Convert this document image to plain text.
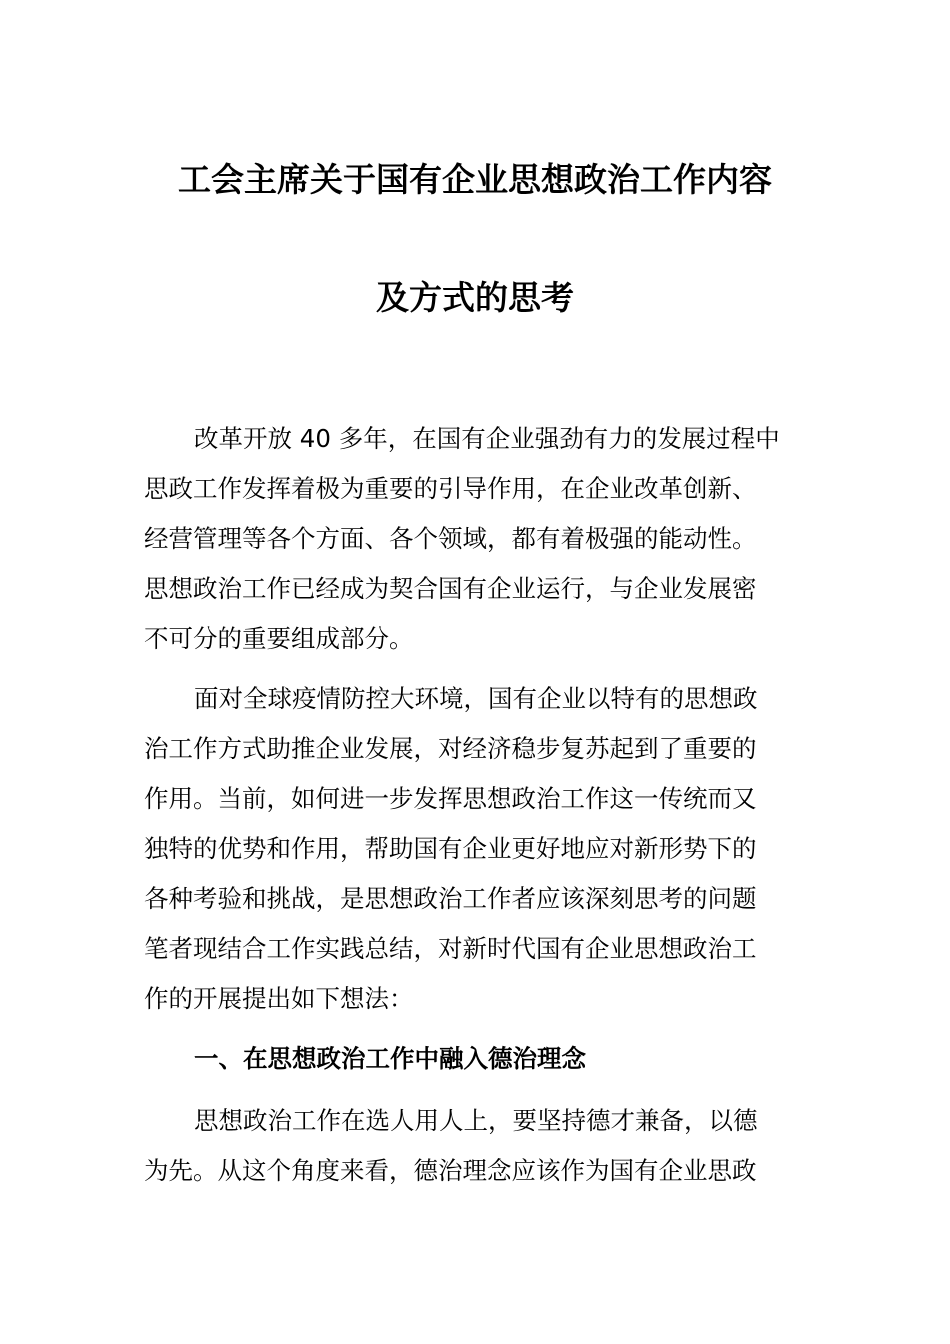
工会主席关于国有企业思想政治工作内容
及方式的思考
改革开放 40 多年，在国有企业强劲有力的发展过程中
思政工作发挥着极为重要的引导作用，在企业改革创新、
经营管理等各个方面、各个领域，都有着极强的能动性。
思想政治工作已经成为契合国有企业运行，与企业发展密
不可分的重要组成部分。
面对全球疫情防控大环境，国有企业以特有的思想政
治工作方式助推企业发展，对经济稳步复苏起到了重要的
作用。当前，如何进一步发挥思想政治工作这一传统而又
独特的优势和作用，帮助国有企业更好地应对新形势下的
各种考验和挑战，是思想政治工作者应该深刻思考的问题
笔者现结合工作实践总结，对新时代国有企业思想政治工
作的开展提出如下想法：
一、在思想政治工作中融入德治理念
思想政治工作在选人用人上，要坚持德才兼备，以德
为先。从这个角度来看，德治理念应该作为国有企业思政
